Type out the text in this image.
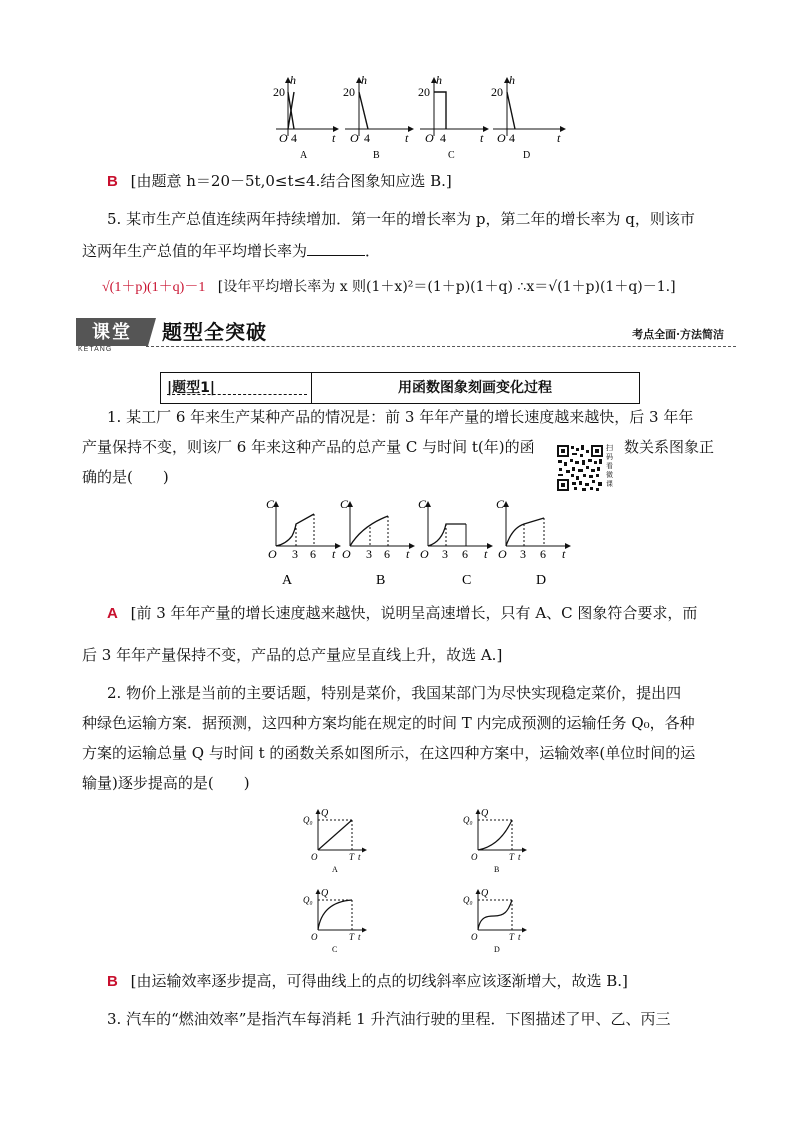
20
h
O 4	t
A
20
h
O 4	t
B
20
h
O 4	t
C
20
h
O 4	t
D
B [由题意 h＝20－5t,0≤t≤4.结合图象知应选 B.]
5. 某市生产总值连续两年持续增加．第一年的增长率为 p，第二年的增长率为 q，则该市
这两年生产总值的年平均增长率为	．
√(1＋p)(1＋q)－1 [设年平均增长率为 x 则(1＋x)²＝(1＋p)(1＋q) ∴x＝√(1＋p)(1＋q)－1.]
课堂
KETANG
题型全突破	考点全面·方法简洁
|题型1|	用函数图象刻画变化过程
1. 某工厂 6 年来生产某种产品的情况是：前 3 年年产量的增长速度越来越快，后 3 年年
产量保持不变，则该厂 6 年来这种产品的总产量 C 与时间 t(年)的函	数关系图象正
确的是(　　)
扫码看微课
C
O 3 6 t
A
C
O 3 6 t
B
C
O 3 6 t
C
C
O 3 6 t
D
A [前 3 年年产量的增长速度越来越快，说明呈高速增长，只有 A、C 图象符合要求，而
后 3 年年产量保持不变，产品的总产量应呈直线上升，故选 A.]
2. 物价上涨是当前的主要话题，特别是菜价，我国某部门为尽快实现稳定菜价，提出四
种绿色运输方案．据预测，这四种方案均能在规定的时间 T 内完成预测的运输任务 Q₀，各种
方案的运输总量 Q 与时间 t 的函数关系如图所示，在这四种方案中，运输效率(单位时间的运
输量)逐步提高的是(　　)
Q
Q₀
O	T t
A
Q
Q₀
O	T t
B
Q
Q₀
O	T t
C
Q
Q₀
O	T t
D
B [由运输效率逐步提高，可得曲线上的点的切线斜率应该逐渐增大，故选 B.]
3. 汽车的“燃油效率”是指汽车每消耗 1 升汽油行驶的里程．下图描述了甲、乙、丙三
